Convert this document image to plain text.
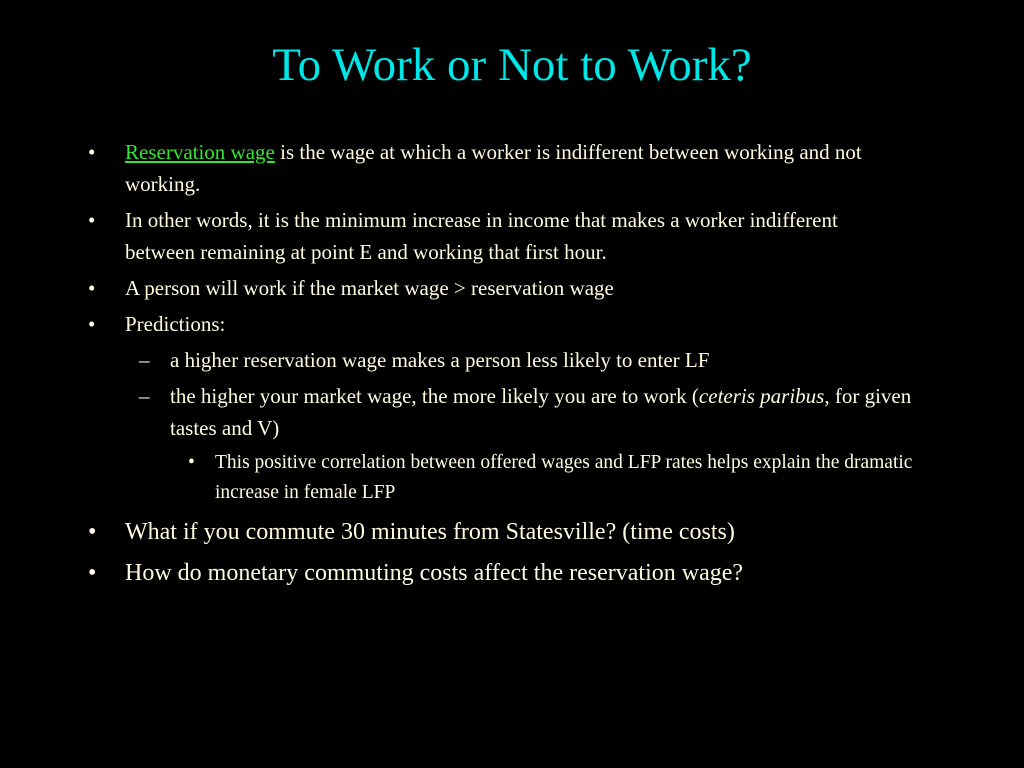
To Work or Not to Work?
• Reservation wage is the wage at which a worker is indifferent between working and not working.
• In other words, it is the minimum increase in income that makes a worker indifferent between remaining at point E and working that first hour.
• A person will work if the market wage > reservation wage
• Predictions:
– a higher reservation wage makes a person less likely to enter LF
– the higher your market wage, the more likely you are to work (ceteris paribus, for given tastes and V)
• This positive correlation between offered wages and LFP rates helps explain the dramatic increase in female LFP
• What if you commute 30 minutes from Statesville? (time costs)
• How do monetary commuting costs affect the reservation wage?
